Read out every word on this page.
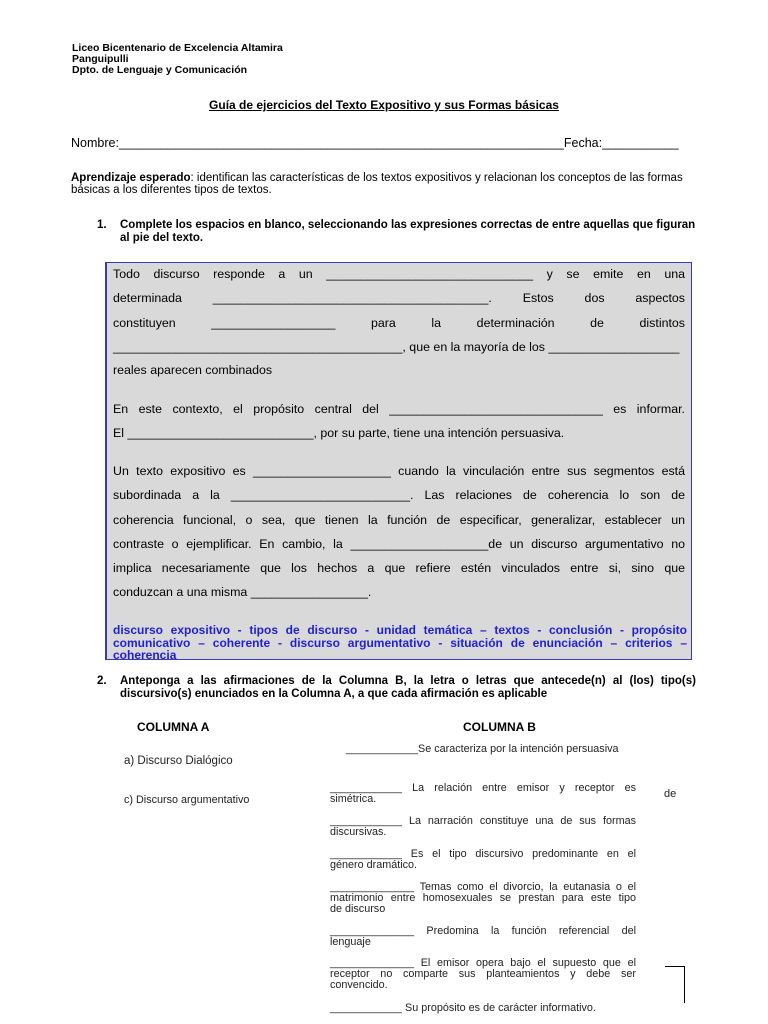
Liceo Bicentenario de Excelencia Altamira
Panguipulli
Dpto. de Lenguaje y Comunicación
Guía de ejercicios del Texto Expositivo y sus Formas básicas
Nombre:________________________________________________________________Fecha:___________
Aprendizaje esperado: identifican las características de los textos expositivos y relacionan los conceptos de las formas básicas a los diferentes tipos de textos.
1. Complete los espacios en blanco, seleccionando las expresiones correctas de entre aquellas que figuran al pie del texto.
Todo discurso responde a un ______________________________ y se emite en una
determinada ________________________________________. Estos dos aspectos
constituyen __________________ para la determinación de distintos
__________________________________________, que en la mayoría de los ___________________
reales aparecen combinados
En este contexto, el propósito central del _______________________________ es informar.
El ___________________________, por su parte, tiene una intención persuasiva.
Un texto expositivo es ____________________ cuando la vinculación entre sus segmentos está
subordinada a la __________________________. Las relaciones de coherencia lo son de
coherencia funcional, o sea, que tienen la función de especificar, generalizar, establecer un
contraste o ejemplificar. En cambio, la ____________________de un discurso argumentativo no
implica necesariamente que los hechos a que refiere estén vinculados entre si, sino que
conduzcan a una misma _________________.
discurso expositivo - tipos de discurso - unidad temática – textos - conclusión - propósito comunicativo – coherente - discurso argumentativo - situación de enunciación – criterios – coherencia
2. Anteponga a las afirmaciones de la Columna B, la letra o letras que antecede(n) al (los) tipo(s) discursivo(s) enunciados en la Columna A, a que cada afirmación es aplicable
COLUMNA A	COLUMNA B
a) Discurso Dialógico
c) Discurso argumentativo
____________Se caracteriza por la intención persuasiva
____________ La relación entre emisor y receptor es
simétrica.	de
____________ La narración constituye una de sus formas
discursivas.
____________ Es el tipo discursivo predominante en el
género dramático.
______________ Temas como el divorcio, la eutanasia o el
matrimonio entre homosexuales se prestan para este tipo
de discurso
______________ Predomina la función referencial del
lenguaje
______________ El emisor opera bajo el supuesto que el
receptor no comparte sus planteamientos y debe ser
convencido.
____________ Su propósito es de carácter informativo.
